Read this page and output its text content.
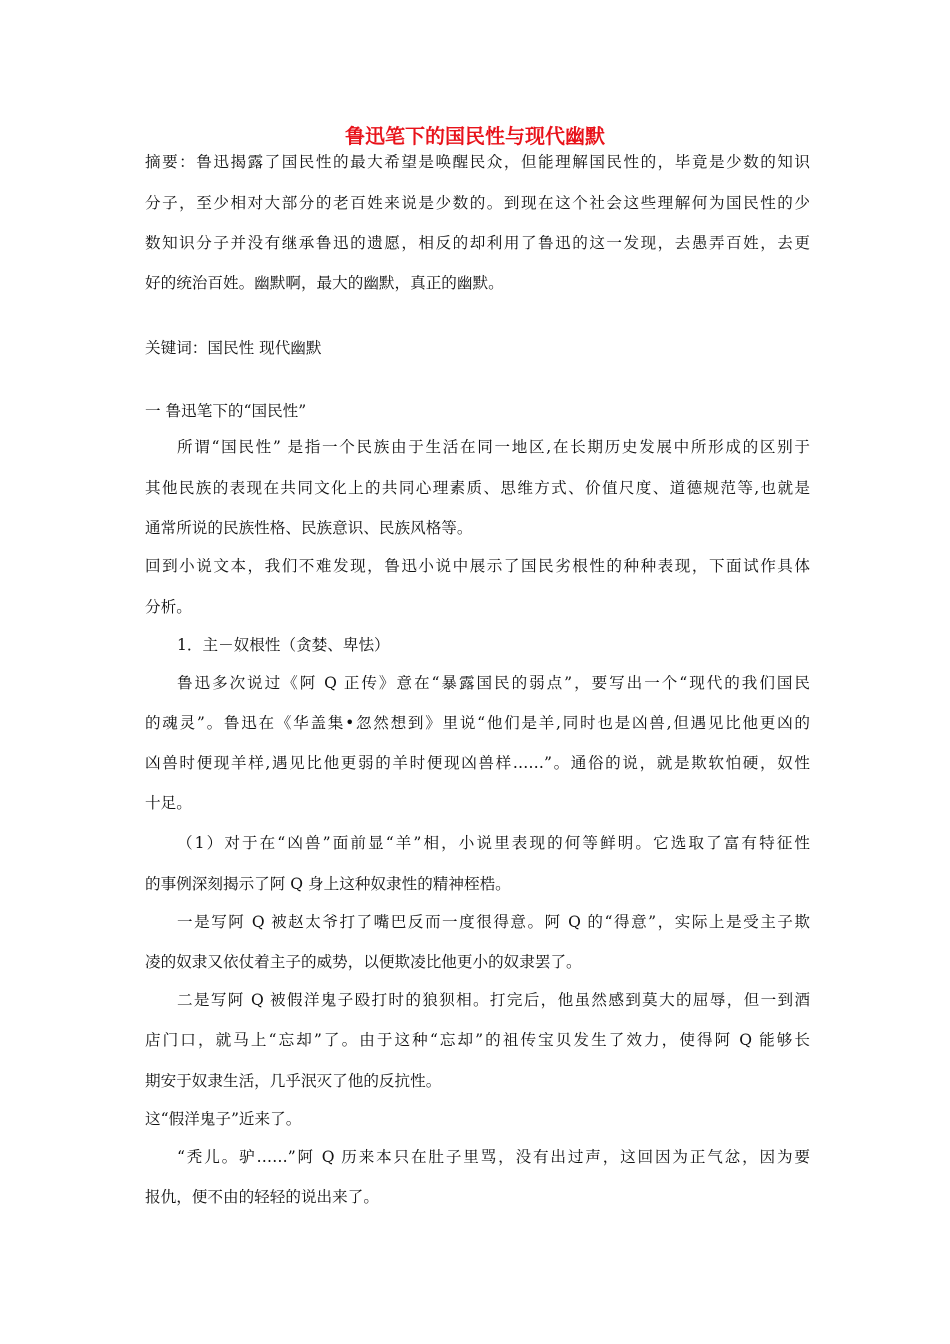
鲁迅笔下的国民性与现代幽默

摘要：鲁迅揭露了国民性的最大希望是唤醒民众，但能理解国民性的，毕竟是少数的知识

分子，至少相对大部分的老百姓来说是少数的。到现在这个社会这些理解何为国民性的少

数知识分子并没有继承鲁迅的遗愿，相反的却利用了鲁迅的这一发现，去愚弄百姓，去更

好的统治百姓。幽默啊，最大的幽默，真正的幽默。

关键词：国民性 现代幽默

一 鲁迅笔下的“国民性”

所谓“国民性” 是指一个民族由于生活在同一地区,在长期历史发展中所形成的区别于

其他民族的表现在共同文化上的共同心理素质、思维方式、价值尺度、道德规范等,也就是

通常所说的民族性格、民族意识、民族风格等。

回到小说文本，我们不难发现，鲁迅小说中展示了国民劣根性的种种表现，下面试作具体

分析。

1．主－奴根性（贪婪、卑怯）

鲁迅多次说过《阿 Q 正传》意在“暴露国民的弱点”，要写出一个“现代的我们国民

的魂灵”。鲁迅在《华盖集•忽然想到》里说“他们是羊,同时也是凶兽,但遇见比他更凶的

凶兽时便现羊样,遇见比他更弱的羊时便现凶兽样……”。通俗的说，就是欺软怕硬，奴性

十足。

（1）对于在“凶兽”面前显“羊”相，小说里表现的何等鲜明。它选取了富有特征性

的事例深刻揭示了阿 Q 身上这种奴隶性的精神桎梏。

一是写阿 Q 被赵太爷打了嘴巴反而一度很得意。阿 Q 的“得意”，实际上是受主子欺

凌的奴隶又依仗着主子的威势，以便欺凌比他更小的奴隶罢了。

二是写阿 Q 被假洋鬼子殴打时的狼狈相。打完后，他虽然感到莫大的屈辱，但一到酒

店门口，就马上“忘却”了。由于这种“忘却”的祖传宝贝发生了效力，使得阿 Q 能够长

期安于奴隶生活，几乎泯灭了他的反抗性。

这“假洋鬼子”近来了。

“秃儿。驴……”阿 Q 历来本只在肚子里骂，没有出过声，这回因为正气忿，因为要

报仇，便不由的轻轻的说出来了。
